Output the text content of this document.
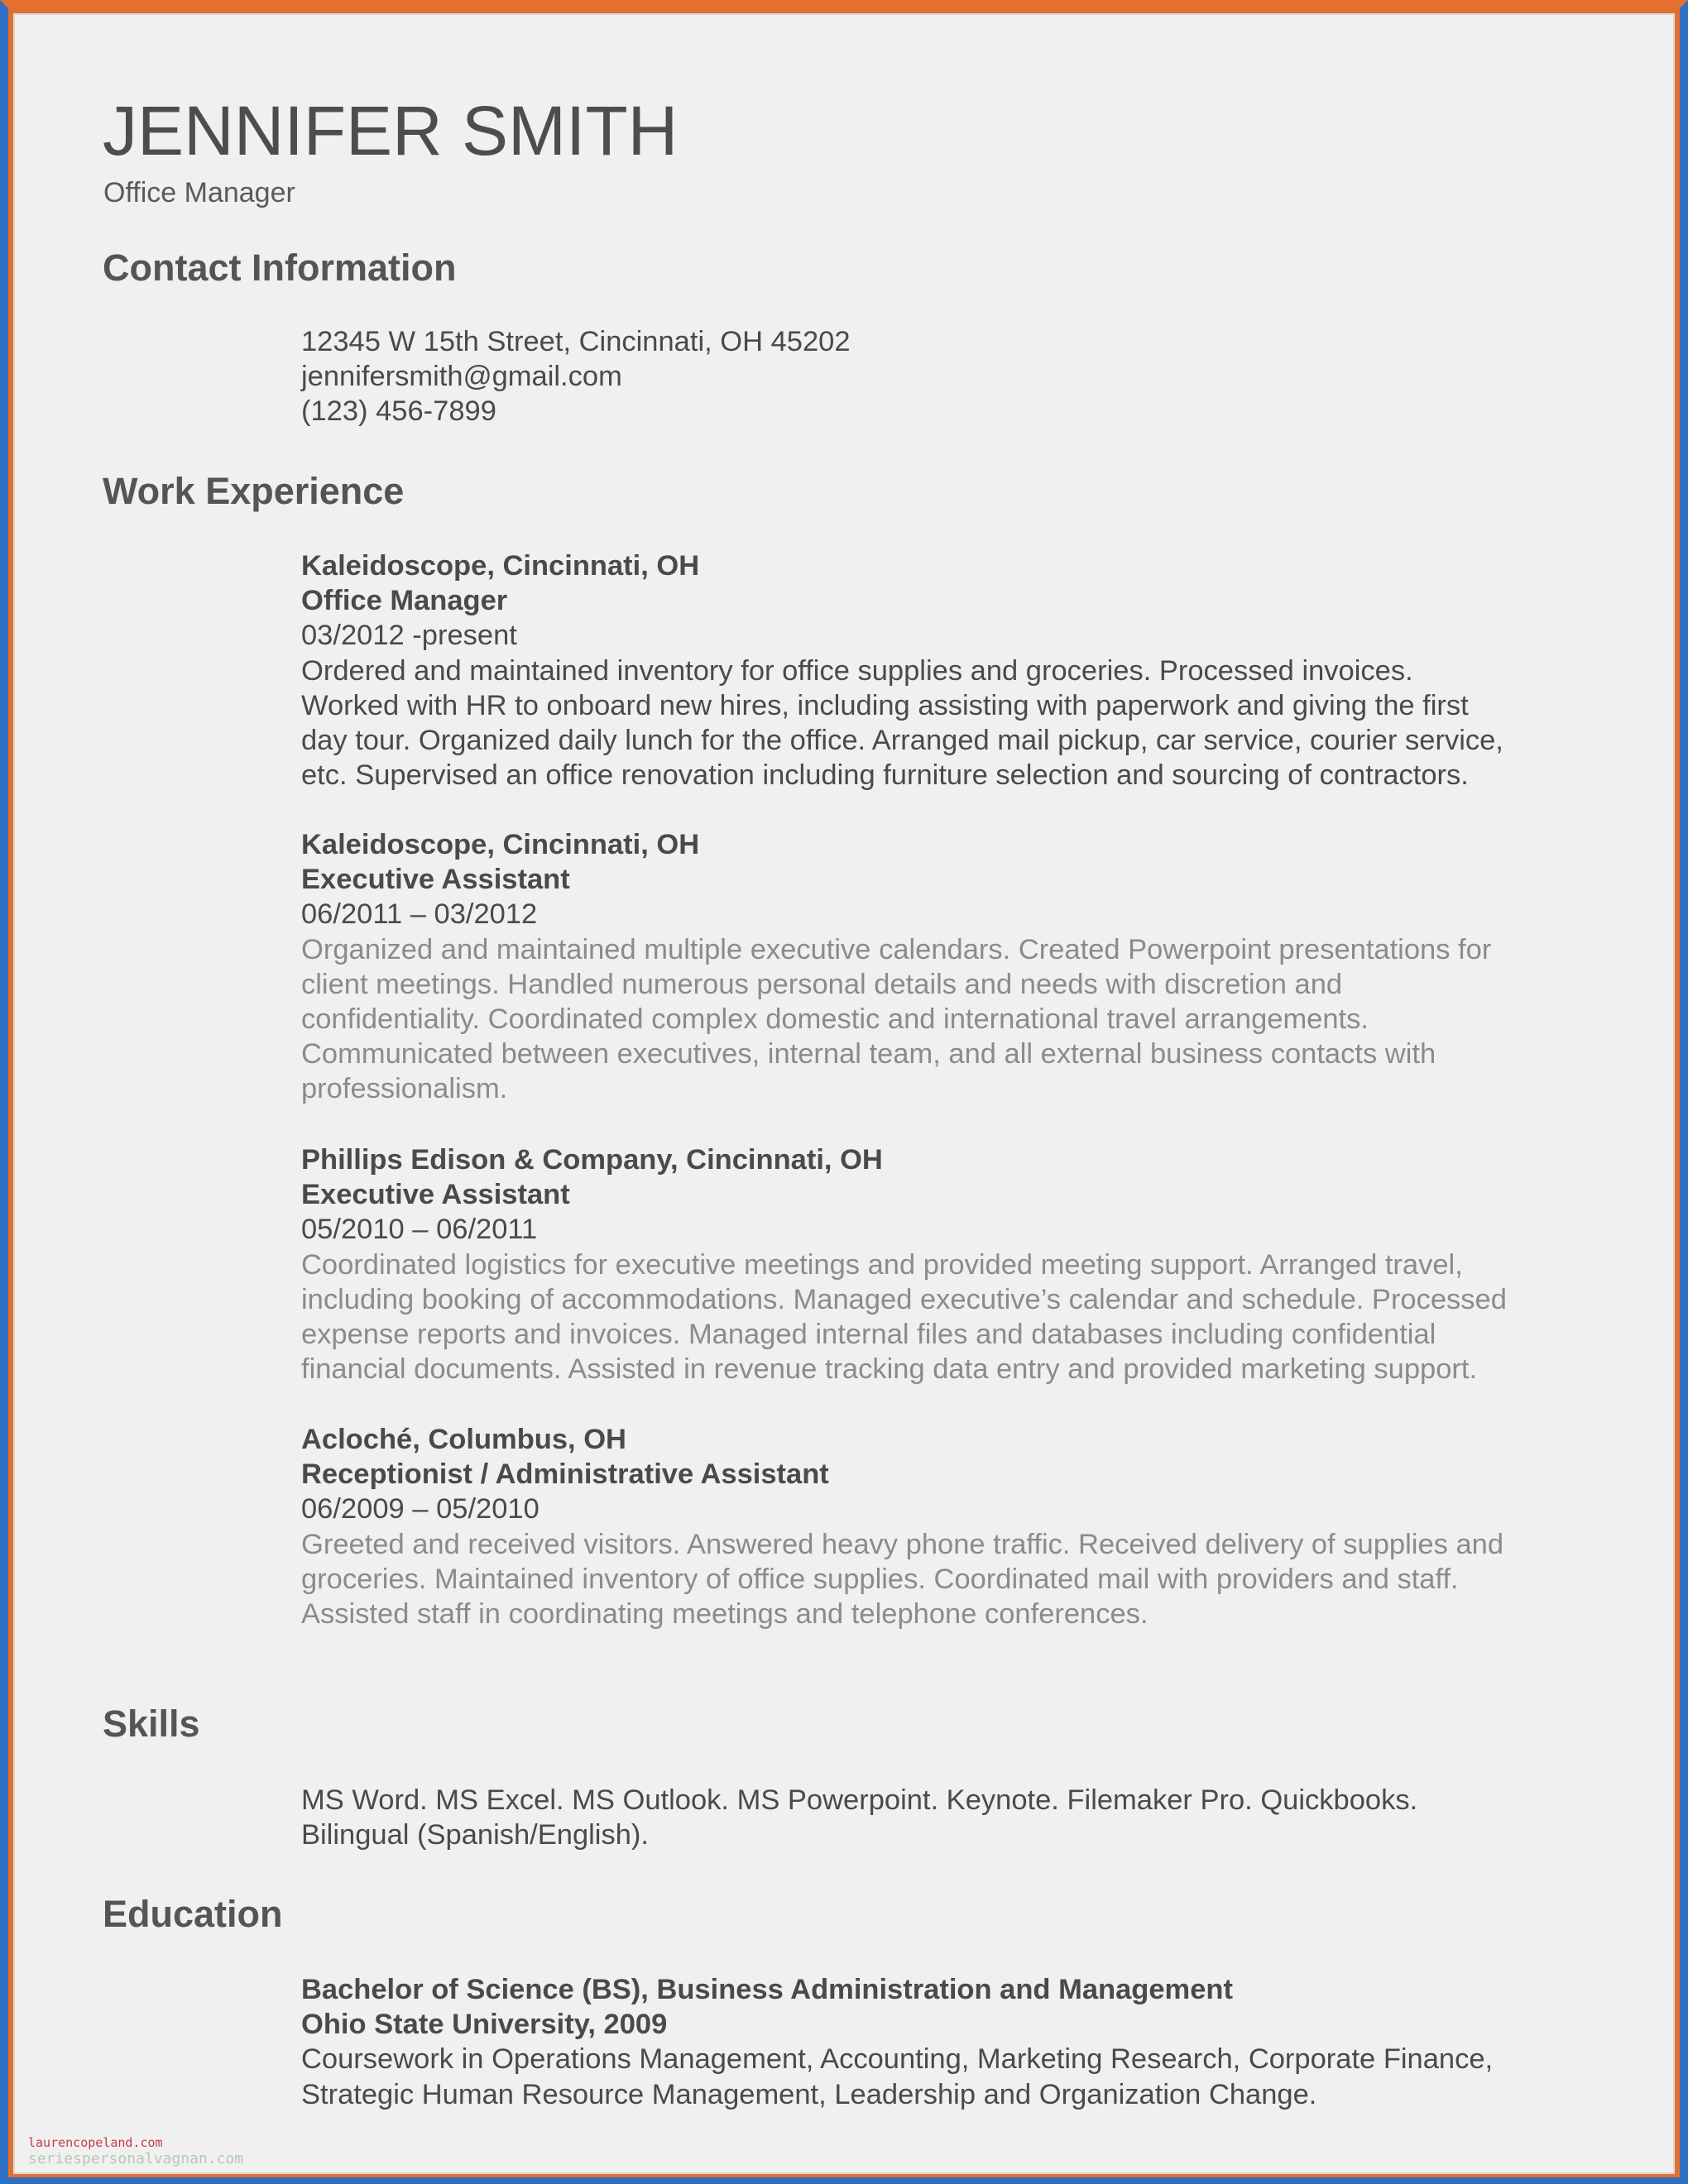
JENNIFER SMITH
Office Manager
Contact Information
12345 W 15th Street, Cincinnati, OH 45202
jennifersmith@gmail.com
(123) 456-7899
Work Experience
Kaleidoscope, Cincinnati, OH
Office Manager
03/2012 -present
Ordered and maintained inventory for office supplies and groceries. Processed invoices.
Worked with HR to onboard new hires, including assisting with paperwork and giving the first
day tour. Organized daily lunch for the office. Arranged mail pickup, car service, courier service,
etc. Supervised an office renovation including furniture selection and sourcing of contractors.
Kaleidoscope, Cincinnati, OH
Executive Assistant
06/2011 – 03/2012
Organized and maintained multiple executive calendars. Created Powerpoint presentations for
client meetings. Handled numerous personal details and needs with discretion and
confidentiality. Coordinated complex domestic and international travel arrangements.
Communicated between executives, internal team, and all external business contacts with
professionalism.
Phillips Edison & Company, Cincinnati, OH
Executive Assistant
05/2010 – 06/2011
Coordinated logistics for executive meetings and provided meeting support. Arranged travel,
including booking of accommodations. Managed executive’s calendar and schedule. Processed
expense reports and invoices. Managed internal files and databases including confidential
financial documents. Assisted in revenue tracking data entry and provided marketing support.
Acloché, Columbus, OH
Receptionist / Administrative Assistant
06/2009 – 05/2010
Greeted and received visitors. Answered heavy phone traffic. Received delivery of supplies and
groceries. Maintained inventory of office supplies. Coordinated mail with providers and staff.
Assisted staff in coordinating meetings and telephone conferences.
Skills
MS Word. MS Excel. MS Outlook. MS Powerpoint. Keynote. Filemaker Pro. Quickbooks.
Bilingual (Spanish/English).
Education
Bachelor of Science (BS), Business Administration and Management
Ohio State University, 2009
Coursework in Operations Management, Accounting, Marketing Research, Corporate Finance,
Strategic Human Resource Management, Leadership and Organization Change.
laurencopeland.com
seriespersonalvagnan.com
